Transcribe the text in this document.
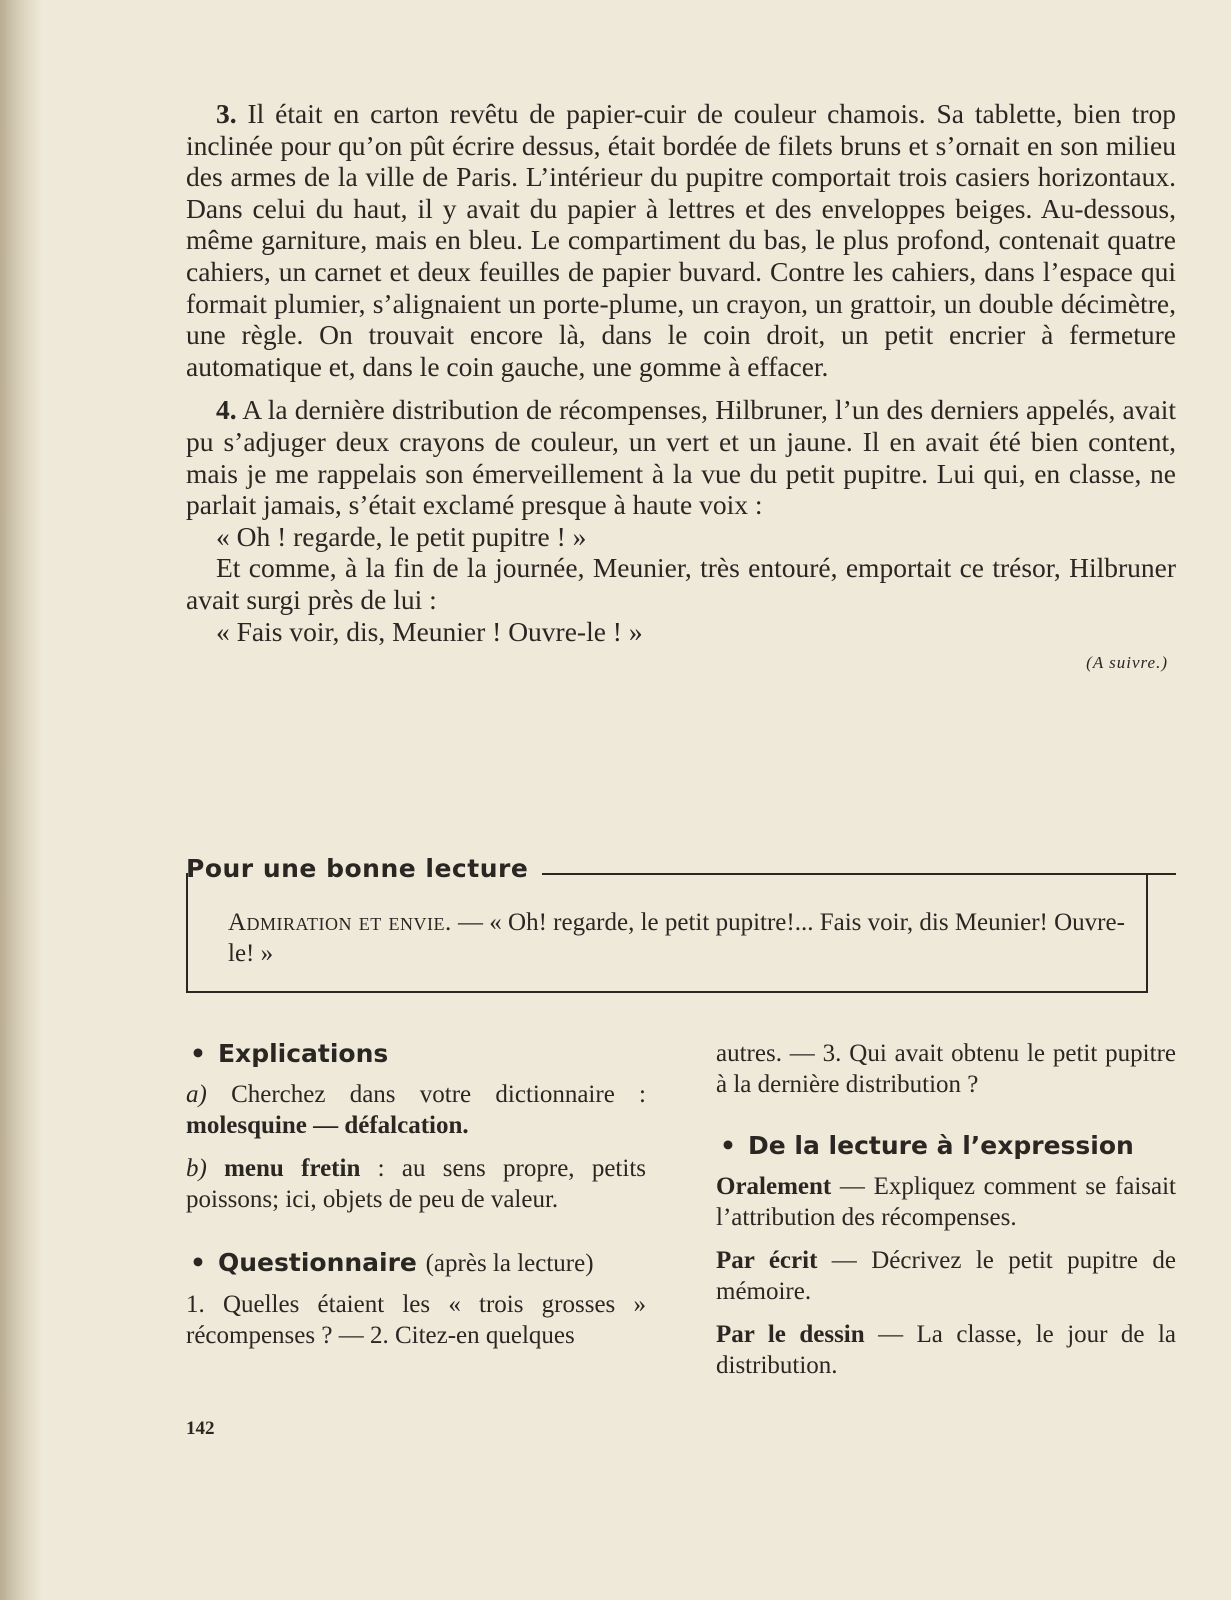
3. Il était en carton revêtu de papier-cuir de couleur chamois. Sa tablette, bien trop inclinée pour qu’on pût écrire dessus, était bordée de filets bruns et s’ornait en son milieu des armes de la ville de Paris. L’intérieur du pupitre comportait trois casiers horizontaux. Dans celui du haut, il y avait du papier à lettres et des enveloppes beiges. Au-dessous, même garniture, mais en bleu. Le compartiment du bas, le plus profond, contenait quatre cahiers, un carnet et deux feuilles de papier buvard. Contre les cahiers, dans l’espace qui formait plumier, s’alignaient un porte-plume, un crayon, un grattoir, un double décimètre, une règle. On trouvait encore là, dans le coin droit, un petit encrier à fermeture automatique et, dans le coin gauche, une gomme à effacer.

4. A la dernière distribution de récompenses, Hilbruner, l’un des derniers appelés, avait pu s’adjuger deux crayons de couleur, un vert et un jaune. Il en avait été bien content, mais je me rappelais son émerveillement à la vue du petit pupitre. Lui qui, en classe, ne parlait jamais, s’était exclamé presque à haute voix :

« Oh ! regarde, le petit pupitre ! »

Et comme, à la fin de la journée, Meunier, très entouré, emportait ce trésor, Hilbruner avait surgi près de lui :

« Fais voir, dis, Meunier ! Ouvre-le ! »

(A suivre.)
Pour une bonne lecture
Admiration et envie. — « Oh! regarde, le petit pupitre!... Fais voir, dis Meunier! Ouvre-le! »
• Explications

a) Cherchez dans votre dictionnaire : molesquine — défalcation.

b) menu fretin : au sens propre, petits poissons; ici, objets de peu de valeur.

• Questionnaire (après la lecture)

1. Quelles étaient les « trois grosses » récompenses ? — 2. Citez-en quelques

autres. — 3. Qui avait obtenu le petit pupitre à la dernière distribution ?

• De la lecture à l’expression

Oralement — Expliquez comment se faisait l’attribution des récompenses.

Par écrit — Décrivez le petit pupitre de mémoire.

Par le dessin — La classe, le jour de la distribution.

142
